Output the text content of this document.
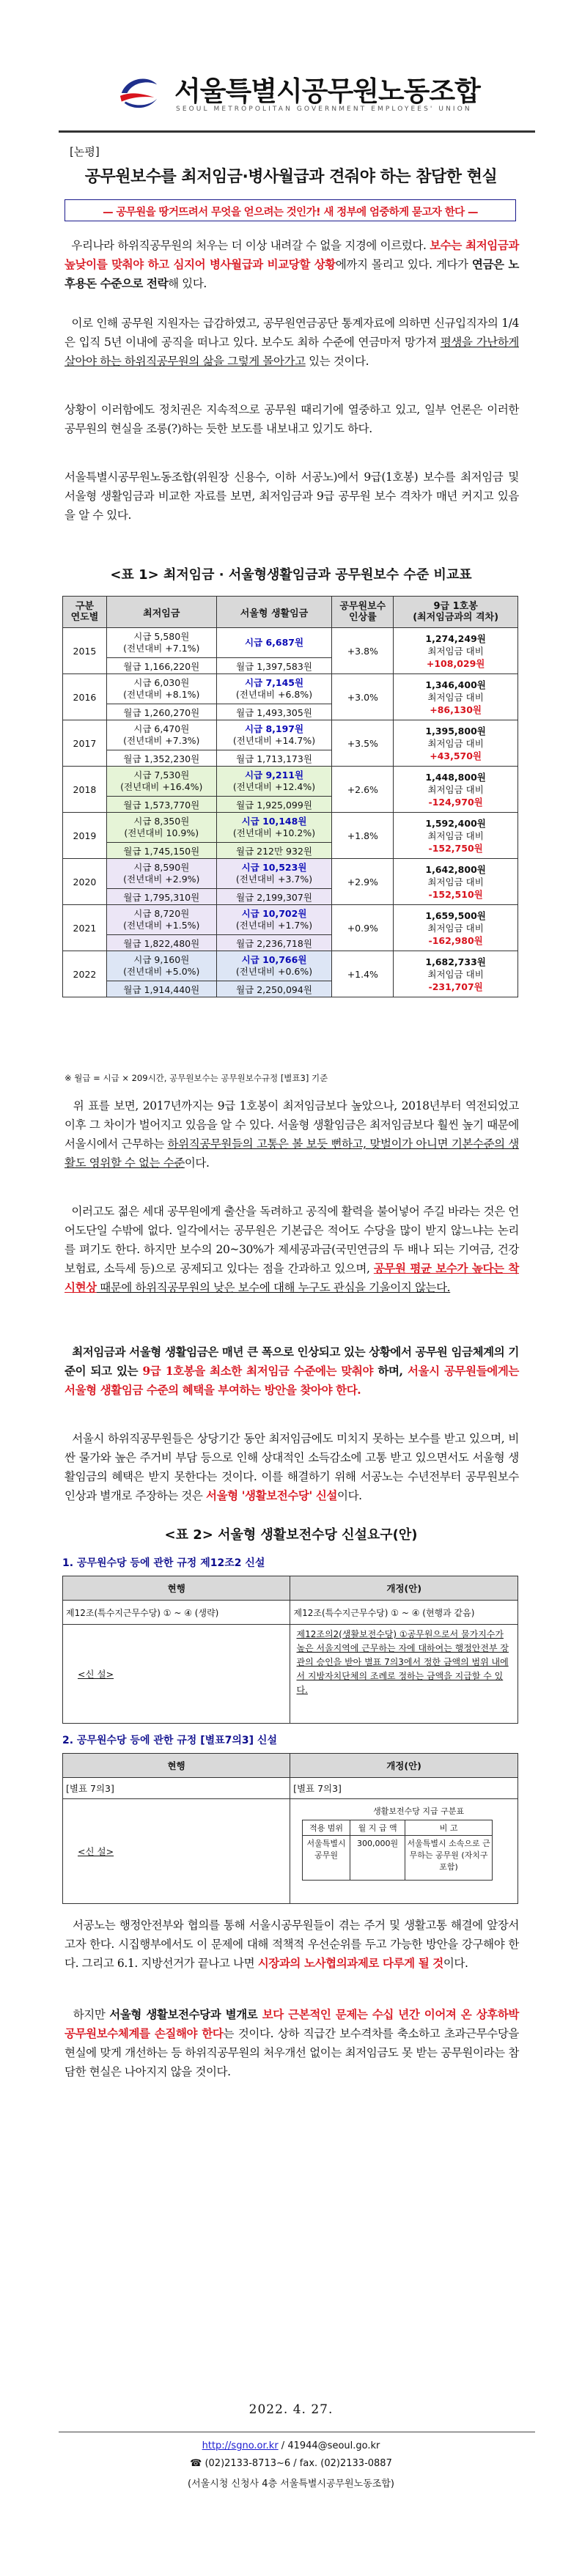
서울특별시공무원노동조합
SEOUL METROPOLITAN GOVERNMENT EMPLOYEES' UNION
[논평]
공무원보수를 최저임금·병사월급과 견줘야 하는 참담한 현실
— 공무원을 땅거뜨려서 무엇을 얻으려는 것인가! 새 정부에 엄중하게 묻고자 한다 —
우리나라 하위직공무원의 처우는 더 이상 내려갈 수 없을 지경에 이르렀다. 보수는 최저임금과 높낮이를 맞춰야 하고 심지어 병사월급과 비교당할 상황에까지 몰리고 있다. 게다가 연금은 노후용돈 수준으로 전락해 있다.
이로 인해 공무원 지원자는 급감하였고, 공무원연금공단 통계자료에 의하면 신규입직자의 1/4은 입직 5년 이내에 공직을 떠나고 있다. 보수도 최하 수준에 연금마저 망가져 평생을 가난하게 살아야 하는 하위직공무원의 삶을 그렇게 몰아가고 있는 것이다.
상황이 이러함에도 정치권은 지속적으로 공무원 때리기에 열중하고 있고, 일부 언론은 이러한 공무원의 현실을 조롱(?)하는 듯한 보도를 내보내고 있기도 하다.
서울특별시공무원노동조합(위원장 신용수, 이하 서공노)에서 9급(1호봉) 보수를 최저임금 및 서울형 생활임금과 비교한 자료를 보면, 최저임금과 9급 공무원 보수 격차가 매년 커지고 있음을 알 수 있다.
<표 1> 최저임금 · 서울형생활임금과 공무원보수 수준 비교표
구분
연도별	최저임금	서울형 생활임금	공무원보수
인상률	9급 1호봉
(최저임금과의 격차)
2015	시급 5,580원
(전년대비 +7.1%)	시급 6,687원	+3.8%	1,274,249원
최저임금 대비
+108,029원
	월급 1,166,220원	월급 1,397,583원		
2016	시급 6,030원
(전년대비 +8.1%)	시급 7,145원
(전년대비 +6.8%)	+3.0%	1,346,400원
최저임금 대비
+86,130원
	월급 1,260,270원	월급 1,493,305원		
2017	시급 6,470원
(전년대비 +7.3%)	시급 8,197원
(전년대비 +14.7%)	+3.5%	1,395,800원
최저임금 대비
+43,570원
	월급 1,352,230원	월급 1,713,173원		
2018	시급 7,530원
(전년대비 +16.4%)	시급 9,211원
(전년대비 +12.4%)	+2.6%	1,448,800원
최저임금 대비
-124,970원
	월급 1,573,770원	월급 1,925,099원		
2019	시급 8,350원
(전년대비 10.9%)	시급 10,148원
(전년대비 +10.2%)	+1.8%	1,592,400원
최저임금 대비
-152,750원
	월급 1,745,150원	월급 212만 932원		
2020	시급 8,590원
(전년대비 +2.9%)	시급 10,523원
(전년대비 +3.7%)	+2.9%	1,642,800원
최저임금 대비
-152,510원
	월급 1,795,310원	월급 2,199,307원		
2021	시급 8,720원
(전년대비 +1.5%)	시급 10,702원
(전년대비 +1.7%)	+0.9%	1,659,500원
최저임금 대비
-162,980원
	월급 1,822,480원	월급 2,236,718원		
2022	시급 9,160원
(전년대비 +5.0%)	시급 10,766원
(전년대비 +0.6%)	+1.4%	1,682,733원
최저임금 대비
-231,707원
	월급 1,914,440원	월급 2,250,094원		
※ 월급 = 시급 × 209시간, 공무원보수는 공무원보수규정 [별표3] 기준
위 표를 보면, 2017년까지는 9급 1호봉이 최저임금보다 높았으나, 2018년부터 역전되었고 이후 그 차이가 벌어지고 있음을 알 수 있다. 서울형 생활임금은 최저임금보다 훨씬 높기 때문에 서울시에서 근무하는 하위직공무원들의 고통은 볼 보듯 뻔하고, 맞벌이가 아니면 기본수준의 생활도 영위할 수 없는 수준이다.
이러고도 젊은 세대 공무원에게 출산을 독려하고 공직에 활력을 불어넣어 주길 바라는 것은 언어도단일 수밖에 없다. 일각에서는 공무원은 기본급은 적어도 수당을 많이 받지 않느냐는 논리를 펴기도 한다. 하지만 보수의 20~30%가 제세공과금(국민연금의 두 배나 되는 기여금, 건강보험료, 소득세 등)으로 공제되고 있다는 점을 간과하고 있으며, 공무원 평균 보수가 높다는 착시현상 때문에 하위직공무원의 낮은 보수에 대해 누구도 관심을 기울이지 않는다.
최저임금과 서울형 생활임금은 매년 큰 폭으로 인상되고 있는 상황에서 공무원 임금체계의 기준이 되고 있는 9급 1호봉을 최소한 최저임금 수준에는 맞춰야 하며, 서울시 공무원들에게는 서울형 생활임금 수준의 혜택을 부여하는 방안을 찾아야 한다.
서울시 하위직공무원들은 상당기간 동안 최저임금에도 미치지 못하는 보수를 받고 있으며, 비싼 물가와 높은 주거비 부담 등으로 인해 상대적인 소득감소에 고통 받고 있으면서도 서울형 생활임금의 혜택은 받지 못한다는 것이다. 이를 해결하기 위해 서공노는 수년전부터 공무원보수 인상과 별개로 주장하는 것은 서울형 '생활보전수당' 신설이다.
<표 2> 서울형 생활보전수당 신설요구(안)
1. 공무원수당 등에 관한 규정 제12조2 신설
현행	개정(안)
제12조(특수지근무수당) ① ~ ④ (생략)	제12조(특수지근무수당) ① ~ ④ (현행과 같음)
<신 설>	제12조의2(생활보전수당) ①공무원으로서 물가지수가 높은 서울지역에 근무하는 자에 대하여는 행정안전부 장관의 승인을 받아 별표 7의3에서 정한 금액의 범위 내에서 지방자치단체의 조례로 정하는 금액을 지급할 수 있다.
2. 공무원수당 등에 관한 규정 [별표7의3] 신설
현행	개정(안)
[별표 7의3]	[별표 7의3]
<신 설>	
생활보전수당 지급 구분표
적용 범위	월 지 급 액	비 고
서울특별시 공무원	300,000원	서울특별시 소속으로 근무하는 공무원 (자치구 포함)
서공노는 행정안전부와 협의를 통해 서울시공무원들이 겪는 주거 및 생활고통 해결에 앞장서고자 한다. 시집행부에서도 이 문제에 대해 적책적 우선순위를 두고 가능한 방안을 강구해야 한다. 그리고 6.1. 지방선거가 끝나고 나면 시장과의 노사협의과제로 다루게 될 것이다.
하지만 서울형 생활보전수당과 별개로 보다 근본적인 문제는 수십 년간 이어져 온 상후하박 공무원보수체계를 손질해야 한다는 것이다. 상하 직급간 보수격차를 축소하고 초과근무수당을 현실에 맞게 개선하는 등 하위직공무원의 처우개선 없이는 최저임금도 못 받는 공무원이라는 참담한 현실은 나아지지 않을 것이다.
2022. 4. 27.
http://sgno.or.kr / 41944@seoul.go.kr
☎ (02)2133-8713~6 / fax. (02)2133-0887
(서울시청 신청사 4층 서울특별시공무원노동조합)
